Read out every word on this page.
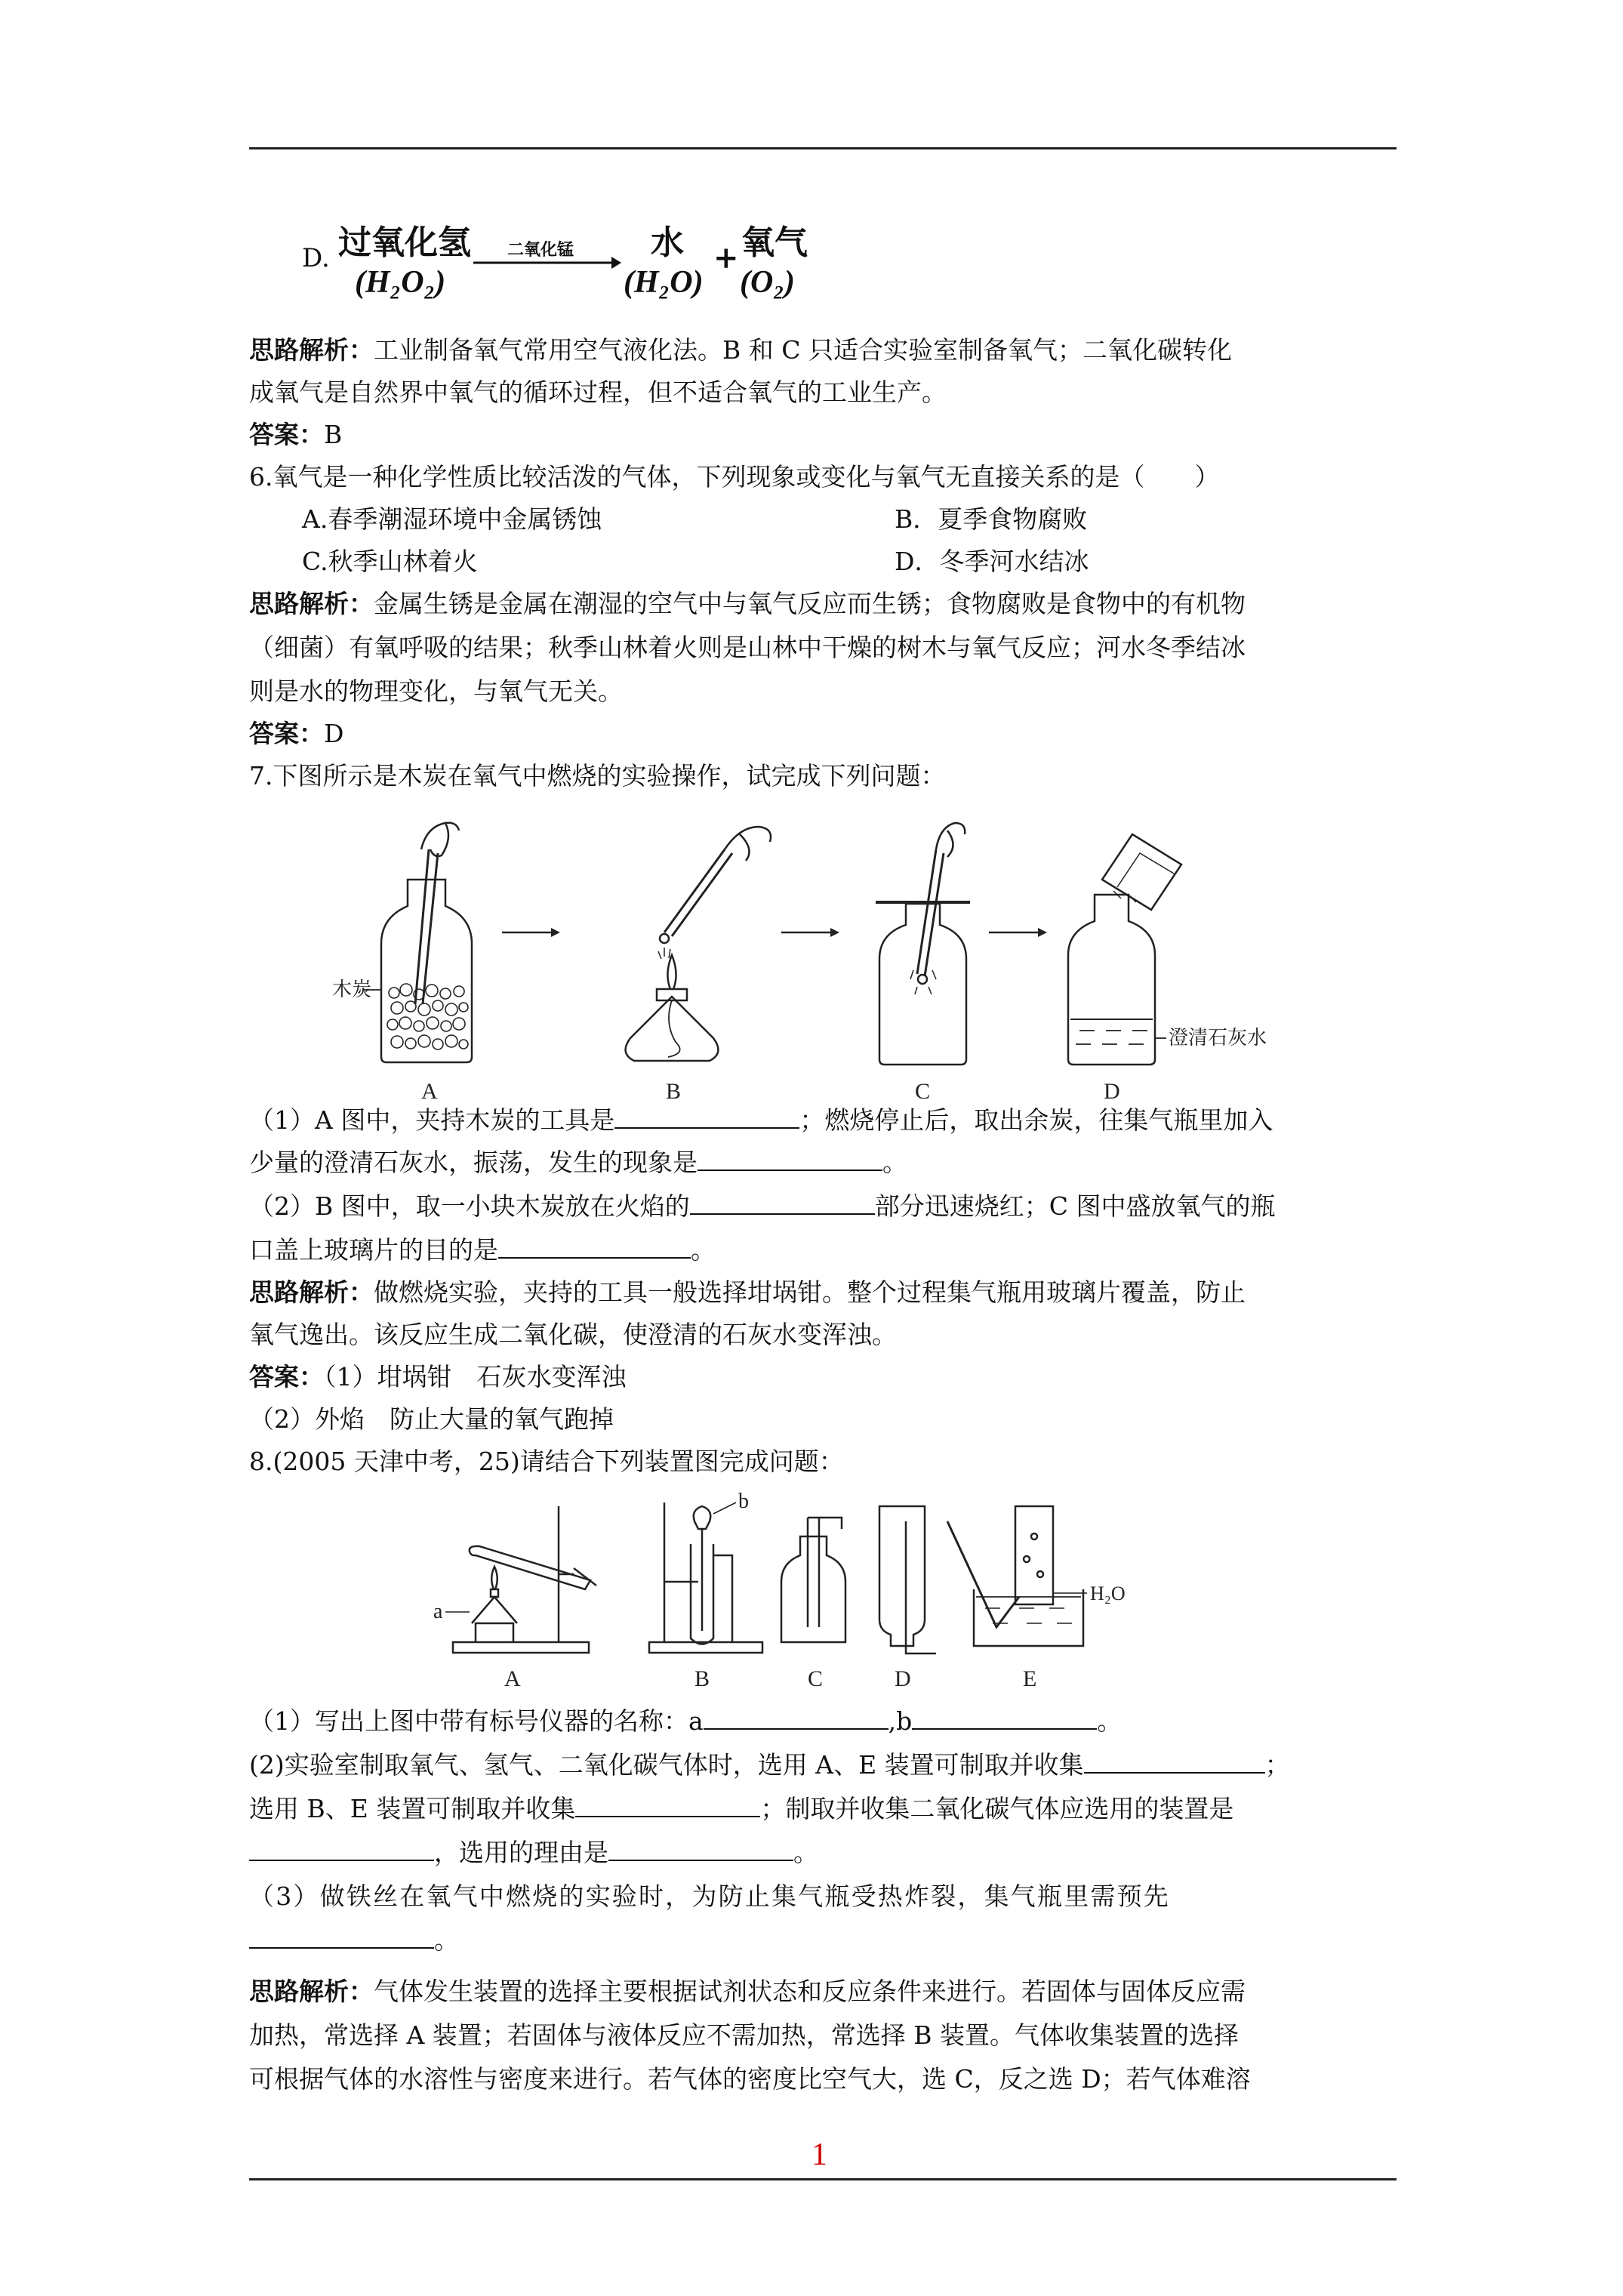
D. 过氧化氢
(H₂O₂)
二氧化锰 水
(H₂O)
+ 氧气
(O₂)
思路解析：工业制备氧气常用空气液化法。B 和 C 只适合实验室制备氧气；二氧化碳转化
成氧气是自然界中氧气的循环过程，但不适合氧气的工业生产。
答案：B
6.氧气是一种化学性质比较活泼的气体，下列现象或变化与氧气无直接关系的是（　　）
A.春季潮湿环境中金属锈蚀	B．夏季食物腐败
C.秋季山林着火	D．冬季河水结冰
思路解析：金属生锈是金属在潮湿的空气中与氧气反应而生锈；食物腐败是食物中的有机物
（细菌）有氧呼吸的结果；秋季山林着火则是山林中干燥的树木与氧气反应；河水冬季结冰
则是水的物理变化，与氧气无关。
答案：D
7.下图所示是木炭在氧气中燃烧的实验操作，试完成下列问题：
木炭
澄清石灰水
A	B	C	D
（1）A 图中，夹持木炭的工具是	；燃烧停止后，取出余炭，往集气瓶里加入
少量的澄清石灰水，振荡，发生的现象是	。
（2）B 图中，取一小块木炭放在火焰的	部分迅速烧红；C 图中盛放氧气的瓶
口盖上玻璃片的目的是	。
思路解析：做燃烧实验，夹持的工具一般选择坩埚钳。整个过程集气瓶用玻璃片覆盖，防止
氧气逸出。该反应生成二氧化碳，使澄清的石灰水变浑浊。
答案：（1）坩埚钳　石灰水变浑浊
（2）外焰　防止大量的氧气跑掉
8.(2005 天津中考，25)请结合下列装置图完成问题：
a
b
H₂O
A	B	C	D	E
（1）写出上图中带有标号仪器的名称：a	,b	。
(2)实验室制取氧气、氢气、二氧化碳气体时，选用 A、E 装置可制取并收集	；
选用 B、E 装置可制取并收集	；制取并收集二氧化碳气体应选用的装置是
，选用的理由是	。
（3）做铁丝在氧气中燃烧的实验时，为防止集气瓶受热炸裂，集气瓶里需预先
。
思路解析：气体发生装置的选择主要根据试剂状态和反应条件来进行。若固体与固体反应需
加热，常选择 A 装置；若固体与液体反应不需加热，常选择 B 装置。气体收集装置的选择
可根据气体的水溶性与密度来进行。若气体的密度比空气大，选 C，反之选 D；若气体难溶
1
